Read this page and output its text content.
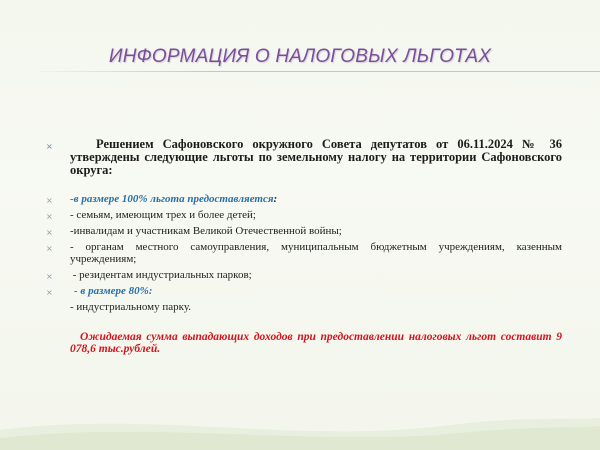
ИНФОРМАЦИЯ О НАЛОГОВЫХ ЛЬГОТАХ
×	Решением Сафоновского окружного Совета депутатов от 06.11.2024 № 36 утверждены следующие льготы по земельному налогу на территории Сафоновского округа:
× -в размере 100% льгота предоставляется:
× - семьям, имеющим трех и более детей;
× -инвалидам и участникам Великой Отечественной войны;
× - органам местного самоуправления, муниципальным бюджетным учреждениям, казенным учреждениям;
× - резидентам индустриальных парков;
× - в размере 80%:
- индустриальному парку.
Ожидаемая сумма выпадающих доходов при предоставлении налоговых льгот составит 9 078,6 тыс.рублей.
